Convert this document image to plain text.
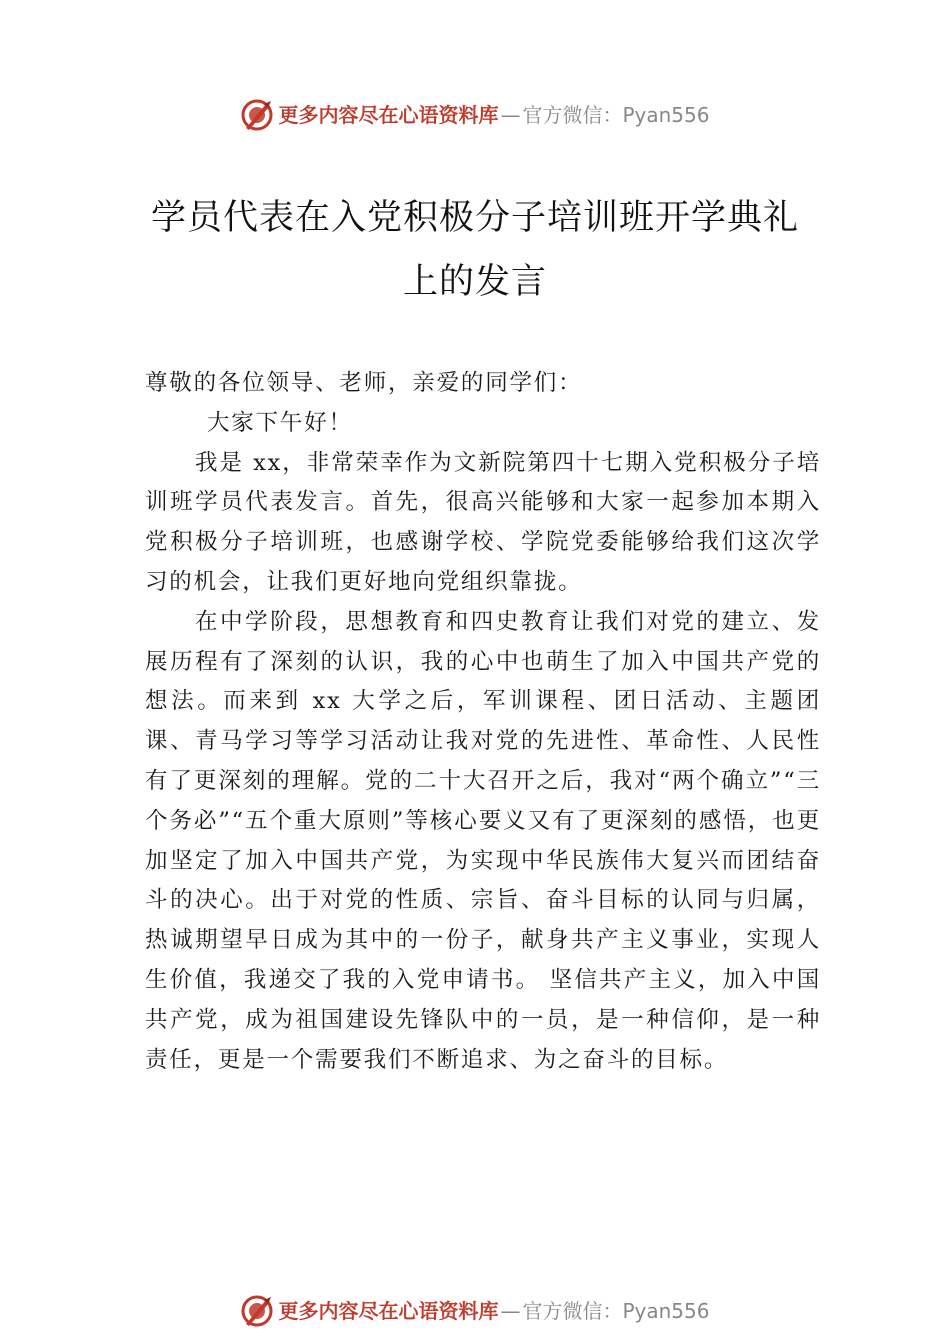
更多内容尽在心语资料库 — 官方微信：Pyan556
学员代表在入党积极分子培训班开学典礼
上的发言

尊敬的各位领导、老师，亲爱的同学们：

大家下午好！

我是 xx，非常荣幸作为文新院第四十七期入党积极分子培训班学员代表发言。首先，很高兴能够和大家一起参加本期入党积极分子培训班，也感谢学校、学院党委能够给我们这次学习的机会，让我们更好地向党组织靠拢。

在中学阶段，思想教育和四史教育让我们对党的建立、发展历程有了深刻的认识，我的心中也萌生了加入中国共产党的想法。而来到 xx 大学之后，军训课程、团日活动、主题团课、青马学习等学习活动让我对党的先进性、革命性、人民性有了更深刻的理解。党的二十大召开之后，我对“两个确立”“三个务必”“五个重大原则”等核心要义又有了更深刻的感悟，也更加坚定了加入中国共产党，为实现中华民族伟大复兴而团结奋斗的决心。出于对党的性质、宗旨、奋斗目标的认同与归属，热诚期望早日成为其中的一份子，献身共产主义事业，实现人生价值，我递交了我的入党申请书。 坚信共产主义，加入中国共产党，成为祖国建设先锋队中的一员，是一种信仰，是一种责任，更是一个需要我们不断追求、为之奋斗的目标。

更多内容尽在心语资料库 — 官方微信：Pyan556
